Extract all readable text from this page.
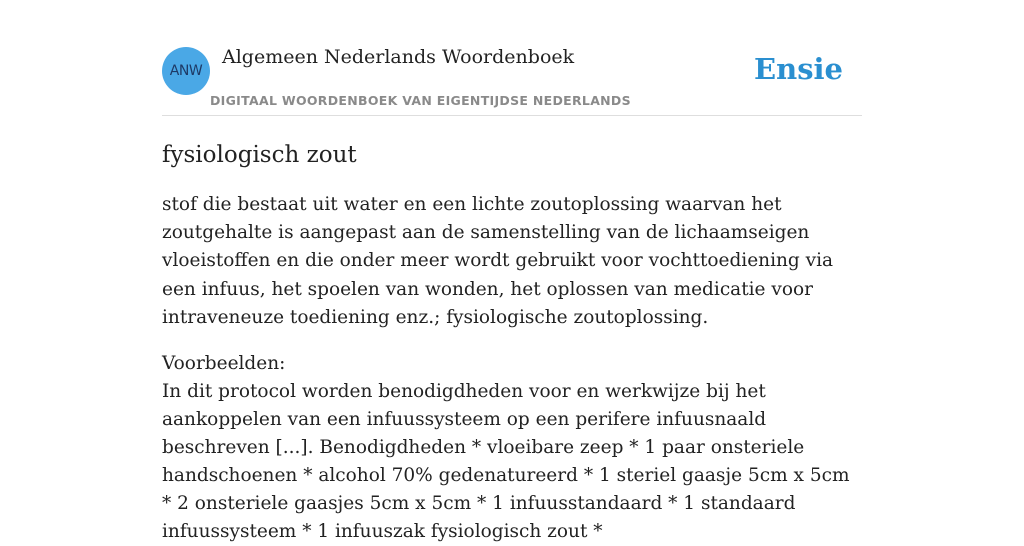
ANW
Algemeen Nederlands Woordenboek
DIGITAAL WOORDENBOEK VAN EIGENTIJDSE NEDERLANDS
Ensie
fysiologisch zout

stof die bestaat uit water en een lichte zoutoplossing waarvan het zoutgehalte is aangepast aan de samenstelling van de lichaamseigen vloeistoffen en die onder meer wordt gebruikt voor vochttoediening via een infuus, het spoelen van wonden, het oplossen van medicatie voor intraveneuze toediening enz.; fysiologische zoutoplossing.

Voorbeelden:
In dit protocol worden benodigdheden voor en werkwijze bij het aankoppelen van een infuussysteem op een perifere infuusnaald beschreven [...]. Benodigdheden * vloeibare zeep * 1 paar onsteriele handschoenen * alcohol 70% gedenatureerd * 1 steriel gaasje 5cm x 5cm * 2 onsteriele gaasjes 5cm x 5cm * 1 infuusstandaard * 1 standaard infuussysteem * 1 infuuszak fysiologisch zout *
